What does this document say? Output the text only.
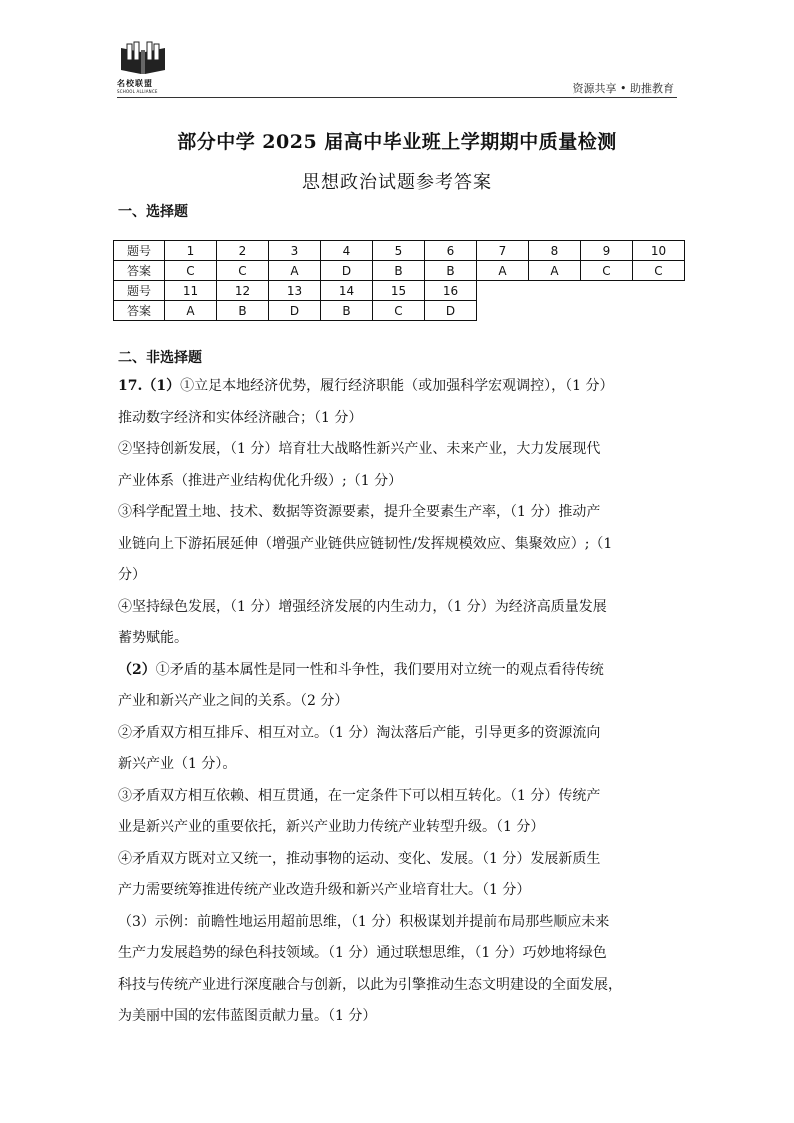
名校联盟
SCHOOL ALLIANCE	资源共享 • 助推教育
部分中学 2025 届高中毕业班上学期期中质量检测
思想政治试题参考答案
一、选择题
题号	1	2	3	4	5	6	7	8	9	10
答案	C	C	A	D	B	B	A	A	C	C
题号	11	12	13	14	15	16				
答案	A	B	D	B	C	D				
二、非选择题

17.（1）①立足本地经济优势，履行经济职能（或加强科学宏观调控），（1 分）

推动数字经济和实体经济融合；（1 分）

②坚持创新发展，（1 分）培育壮大战略性新兴产业、未来产业，大力发展现代

产业体系（推进产业结构优化升级）;（1 分）

③科学配置土地、技术、数据等资源要素，提升全要素生产率，（1 分）推动产

业链向上下游拓展延伸（增强产业链供应链韧性/发挥规模效应、集聚效应）;（1

分）

④坚持绿色发展，（1 分）增强经济发展的内生动力，（1 分）为经济高质量发展

蓄势赋能。

（2）①矛盾的基本属性是同一性和斗争性，我们要用对立统一的观点看待传统

产业和新兴产业之间的关系。（2 分）

②矛盾双方相互排斥、相互对立。（1 分）淘汰落后产能，引导更多的资源流向

新兴产业（1 分）。

③矛盾双方相互依赖、相互贯通，在一定条件下可以相互转化。（1 分）传统产

业是新兴产业的重要依托，新兴产业助力传统产业转型升级。（1 分）

④矛盾双方既对立又统一，推动事物的运动、变化、发展。（1 分）发展新质生

产力需要统筹推进传统产业改造升级和新兴产业培育壮大。（1 分）

（3）示例：前瞻性地运用超前思维，（1 分）积极谋划并提前布局那些顺应未来

生产力发展趋势的绿色科技领域。（1 分）通过联想思维，（1 分）巧妙地将绿色

科技与传统产业进行深度融合与创新，以此为引擎推动生态文明建设的全面发展，

为美丽中国的宏伟蓝图贡献力量。（1 分）
